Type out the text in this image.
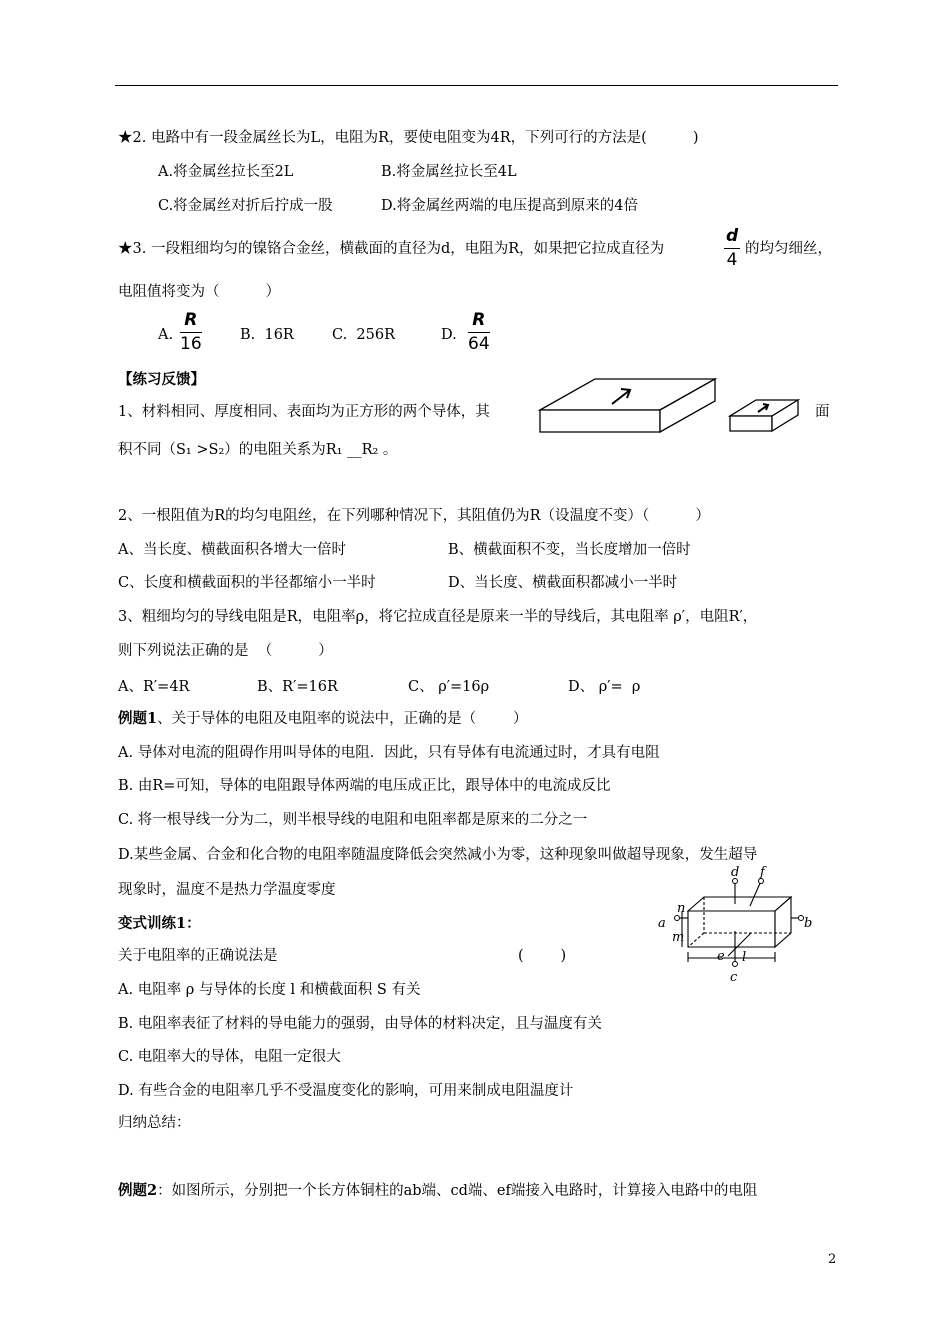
★2. 电路中有一段金属丝长为L，电阻为R，要使电阻变为4R，下列可行的方法是(          )
A.将金属丝拉长至2L	B.将金属丝拉长至4L
C.将金属丝对折后拧成一股	D.将金属丝两端的电压提高到原来的4倍
★3. 一段粗细均匀的镍铬合金丝，横截面的直径为d，电阻为R，如果把它拉成直径为	$\frac{d}{4}$ 的均匀细丝，
电阻值将变为（          ）
A. $\frac{R}{16}$	B.  16R	C.  256R	D. $\frac{R}{64}$
【练习反馈】
1、材料相同、厚度相同、表面均为正方形的两个导体，其	面
积不同（S₁ >S₂）的电阻关系为R₁ __R₂ 。
2、一根阻值为R的均匀电阻丝，在下列哪种情况下，其阻值仍为R（设温度不变）（          ）
A、当长度、横截面积各增大一倍时	B、横截面积不变，当长度增加一倍时
C、长度和横截面积的半径都缩小一半时	D、当长度、横截面积都减小一半时
3、粗细均匀的导线电阻是R，电阻率ρ，将它拉成直径是原来一半的导线后，其电阻率 ρ′，电阻R′，
则下列说法正确的是  （          ）
A、R′=4R	B、R′=16R	C、 ρ′=16ρ	D、 ρ′=  ρ
例题1、关于导体的电阻及电阻率的说法中，正确的是（        ）
A. 导体对电流的阻碍作用叫导体的电阻．因此，只有导体有电流通过时，才具有电阻
B. 由R=可知，导体的电阻跟导体两端的电压成正比，跟导体中的电流成反比
C. 将一根导线一分为二，则半根导线的电阻和电阻率都是原来的二分之一
D.某些金属、合金和化合物的电阻率随温度降低会突然减小为零，这种现象叫做超导现象，发生超导
现象时，温度不是热力学温度零度
d f
a	b
c
e l
m
n
变式训练1：
关于电阻率的正确说法是	(        )
A. 电阻率 ρ 与导体的长度 l 和横截面积 S 有关
B. 电阻率表征了材料的导电能力的强弱，由导体的材料决定，且与温度有关
C. 电阻率大的导体，电阻一定很大
D. 有些合金的电阻率几乎不受温度变化的影响，可用来制成电阻温度计
归纳总结：
例题2：如图所示，分别把一个长方体铜柱的ab端、cd端、ef端接入电路时，计算接入电路中的电阻
2
